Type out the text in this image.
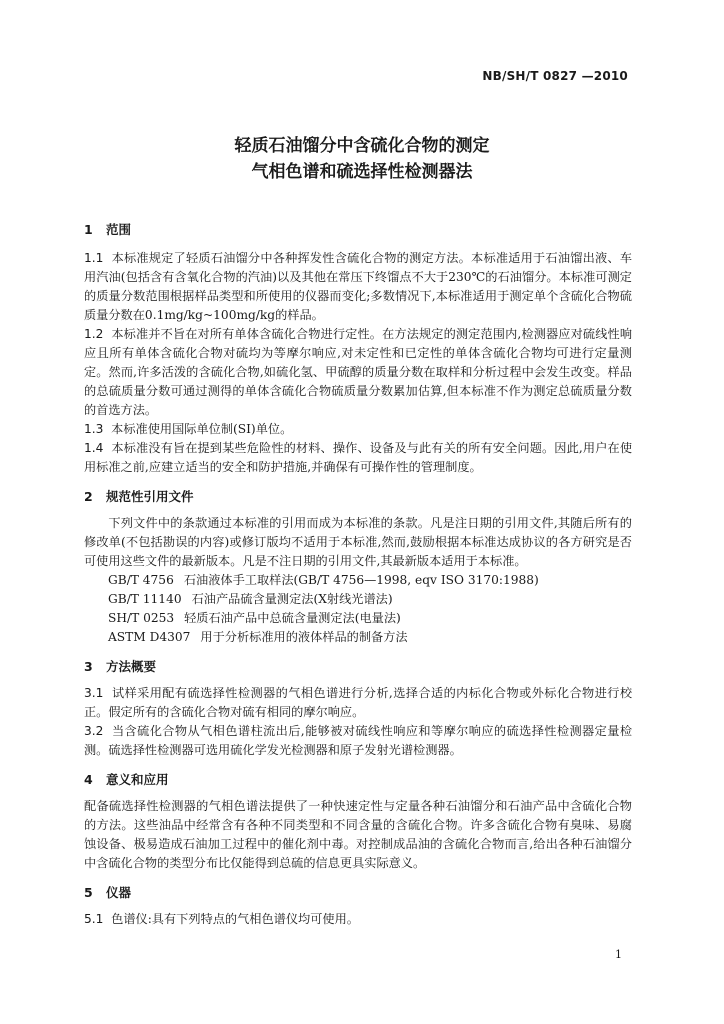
NB/SH/T 0827 —2010
轻质石油馏分中含硫化合物的测定
气相色谱和硫选择性检测器法
1 范围

1.1 本标准规定了轻质石油馏分中各种挥发性含硫化合物的测定方法。本标准适用于石油馏出液、车用汽油(包括含有含氧化合物的汽油)以及其他在常压下终馏点不大于230℃的石油馏分。本标准可测定的质量分数范围根据样品类型和所使用的仪器而变化;多数情况下,本标准适用于测定单个含硫化合物硫质量分数在0.1mg/kg~100mg/kg的样品。

1.2 本标准并不旨在对所有单体含硫化合物进行定性。在方法规定的测定范围内,检测器应对硫线性响应且所有单体含硫化合物对硫均为等摩尔响应,对未定性和已定性的单体含硫化合物均可进行定量测定。然而,许多活泼的含硫化合物,如硫化氢、甲硫醇的质量分数在取样和分析过程中会发生改变。样品的总硫质量分数可通过测得的单体含硫化合物硫质量分数累加估算,但本标准不作为测定总硫质量分数的首选方法。

1.3 本标准使用国际单位制(SI)单位。

1.4 本标准没有旨在提到某些危险性的材料、操作、设备及与此有关的所有安全问题。因此,用户在使用标准之前,应建立适当的安全和防护措施,并确保有可操作性的管理制度。

2 规范性引用文件

下列文件中的条款通过本标准的引用而成为本标准的条款。凡是注日期的引用文件,其随后所有的修改单(不包括勘误的内容)或修订版均不适用于本标准,然而,鼓励根据本标准达成协议的各方研究是否可使用这些文件的最新版本。凡是不注日期的引用文件,其最新版本适用于本标准。

GB/T 4756 石油液体手工取样法(GB/T 4756—1998, eqv ISO 3170:1988)
GB/T 11140 石油产品硫含量测定法(X射线光谱法)
SH/T 0253 轻质石油产品中总硫含量测定法(电量法)
ASTM D4307 用于分析标准用的液体样品的制备方法
3 方法概要

3.1 试样采用配有硫选择性检测器的气相色谱进行分析,选择合适的内标化合物或外标化合物进行校正。假定所有的含硫化合物对硫有相同的摩尔响应。

3.2 当含硫化合物从气相色谱柱流出后,能够被对硫线性响应和等摩尔响应的硫选择性检测器定量检测。硫选择性检测器可选用硫化学发光检测器和原子发射光谱检测器。

4 意义和应用

配备硫选择性检测器的气相色谱法提供了一种快速定性与定量各种石油馏分和石油产品中含硫化合物的方法。这些油品中经常含有各种不同类型和不同含量的含硫化合物。许多含硫化合物有臭味、易腐蚀设备、极易造成石油加工过程中的催化剂中毒。对控制成品油的含硫化合物而言,给出各种石油馏分中含硫化合物的类型分布比仅能得到总硫的信息更具实际意义。

5 仪器

5.1 色谱仪:具有下列特点的气相色谱仪均可使用。

1
